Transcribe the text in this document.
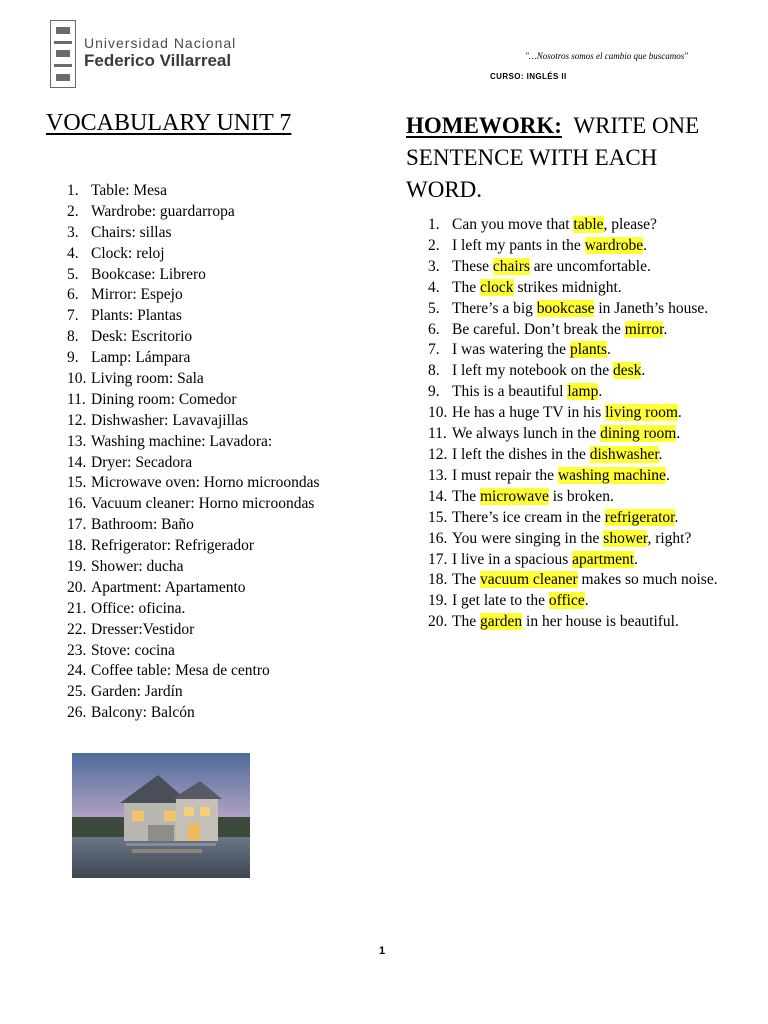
Universidad Nacional
Federico Villarreal	"…Nosotros somos el cambio que buscamos"
CURSO: INGLÉS II
VOCABULARY UNIT 7
1. Table: Mesa
2. Wardrobe: guardarropa
3. Chairs: sillas
4. Clock: reloj
5. Bookcase: Librero
6. Mirror: Espejo
7. Plants: Plantas
8. Desk: Escritorio
9. Lamp: Lámpara
10. Living room: Sala
11. Dining room: Comedor
12. Dishwasher: Lavavajillas
13. Washing machine: Lavadora:
14. Dryer: Secadora
15. Microwave oven: Horno microondas
16. Vacuum cleaner: Horno microondas
17. Bathroom: Baño
18. Refrigerator: Refrigerador
19. Shower: ducha
20. Apartment: Apartamento
21. Office: oficina.
22. Dresser:Vestidor
23. Stove: cocina
24. Coffee table: Mesa de centro
25. Garden: Jardín
26. Balcony: Balcón
HOMEWORK: WRITE ONE SENTENCE WITH EACH WORD.
1. Can you move that table, please?
2. I left my pants in the wardrobe.
3. These chairs are uncomfortable.
4. The clock strikes midnight.
5. There’s a big bookcase in Janeth’s house.
6. Be careful. Don’t break the mirror.
7. I was watering the plants.
8. I left my notebook on the desk.
9. This is a beautiful lamp.
10. He has a huge TV in his living room.
11. We always lunch in the dining room.
12. I left the dishes in the dishwasher.
13. I must repair the washing machine.
14. The microwave is broken.
15. There’s ice cream in the refrigerator.
16. You were singing in the shower, right?
17. I live in a spacious apartment.
18. The vacuum cleaner makes so much noise.
19. I get late to the office.
20. The garden in her house is beautiful.
1
